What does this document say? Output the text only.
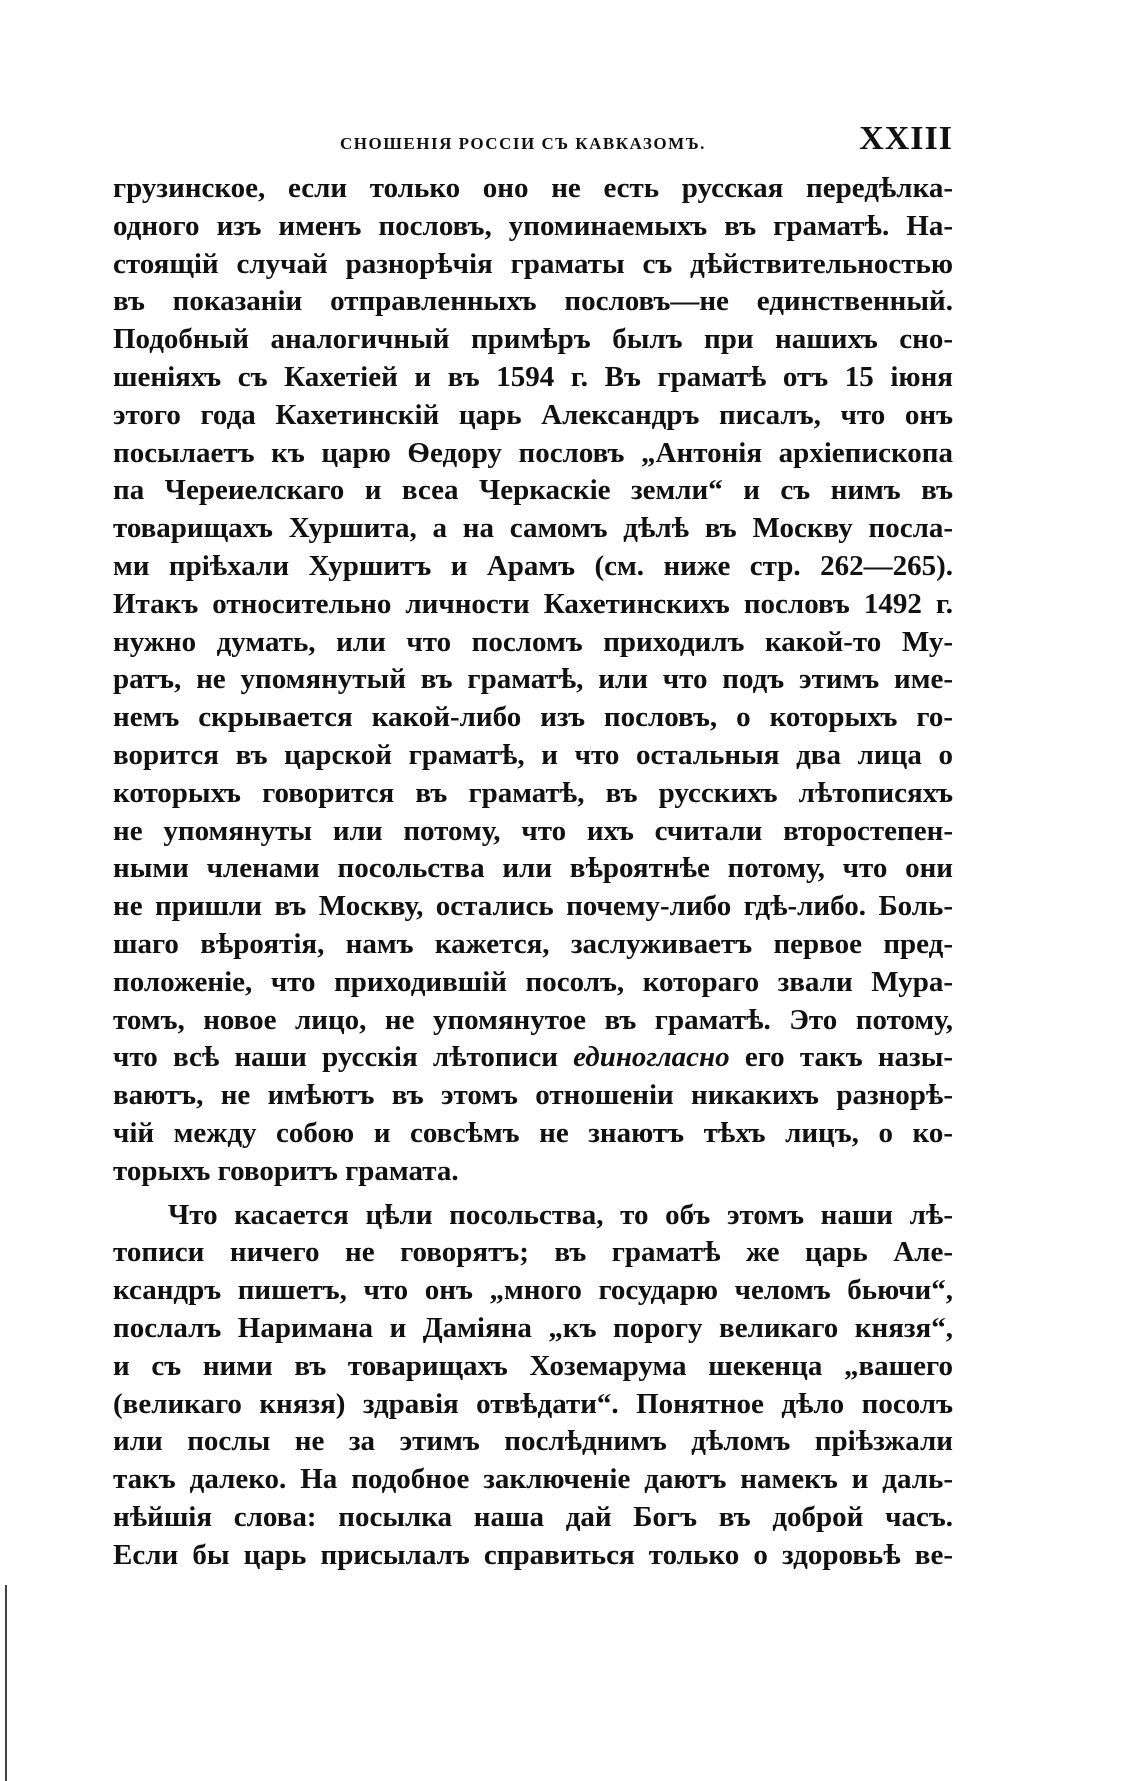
СНОШЕНІЯ РОССІИ СЪ КАВКАЗОМЪ.	XXIII
грузинское, если только оно не есть русская передѣлка-
одного изъ именъ пословъ, упоминаемыхъ въ граматѣ. На-
стоящій случай разнорѣчія граматы съ дѣйствительностью
въ показаніи отправленныхъ пословъ—не единственный.
Подобный аналогичный примѣръ былъ при нашихъ сно-
шеніяхъ съ Кахетіей и въ 1594 г. Въ граматѣ отъ 15 іюня
этого года Кахетинскій царь Александръ писалъ, что онъ
посылаетъ къ царю Ѳедору пословъ „Антонія архіепископа
па Череиелскаго и всеа Черкаскіе земли“ и съ нимъ въ
товарищахъ Хуршита, а на самомъ дѣлѣ въ Москву посла-
ми пріѣхали Хуршитъ и Арамъ (см. ниже стр. 262—265).
Итакъ относительно личности Кахетинскихъ пословъ 1492 г.
нужно думать, или что посломъ приходилъ какой-то Му-
ратъ, не упомянутый въ граматѣ, или что подъ этимъ име-
немъ скрывается какой-либо изъ пословъ, о которыхъ го-
ворится въ царской граматѣ, и что остальныя два лица о
которыхъ говорится въ граматѣ, въ русскихъ лѣтописяхъ
не упомянуты или потому, что ихъ считали второстепен-
ными членами посольства или вѣроятнѣе потому, что они
не пришли въ Москву, остались почему-либо гдѣ-либо. Боль-
шаго вѣроятія, намъ кажется, заслуживаетъ первое пред-
положеніе, что приходившій посолъ, котораго звали Мура-
томъ, новое лицо, не упомянутое въ граматѣ. Это потому,
что всѣ наши русскія лѣтописи единогласно его такъ назы-
ваютъ, не имѣютъ въ этомъ отношеніи никакихъ разнорѣ-
чій между собою и совсѣмъ не знаютъ тѣхъ лицъ, о ко-
торыхъ говоритъ грамата.
Что касается цѣли посольства, то объ этомъ наши лѣ-
тописи ничего не говорятъ; въ граматѣ же царь Але-
ксандръ пишетъ, что онъ „много государю челомъ бьючи“,
послалъ Наримана и Даміяна „къ порогу великаго князя“,
и съ ними въ товарищахъ Хоземарума шекенца „вашего
(великаго князя) здравія отвѣдати“. Понятное дѣло посолъ
или послы не за этимъ послѣднимъ дѣломъ пріѣзжали
такъ далеко. На подобное заключеніе даютъ намекъ и даль-
нѣйшія слова: посылка наша дай Богъ въ доброй часъ.
Если бы царь присылалъ справиться только о здоровьѣ ве-
